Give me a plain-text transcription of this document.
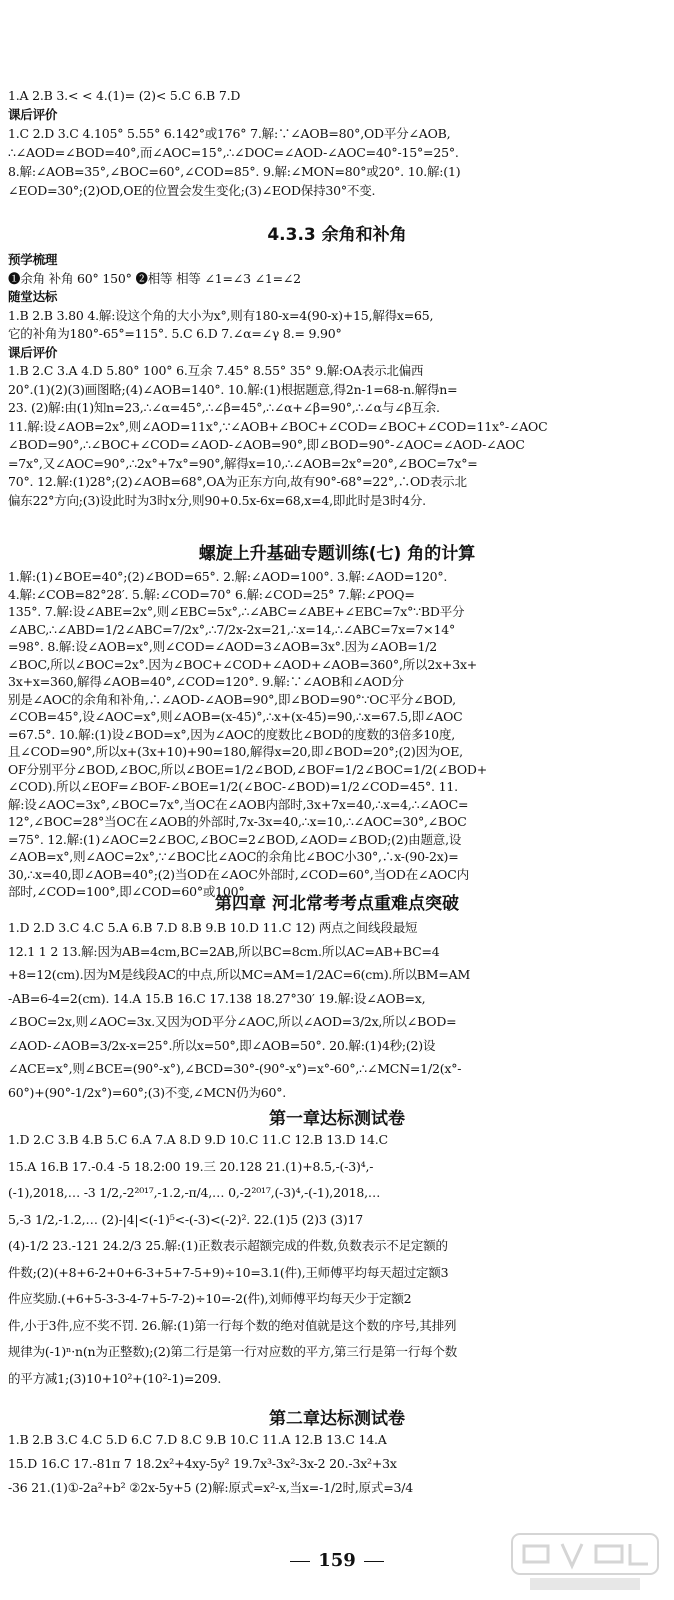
1.A 2.B 3.< < 4.(1)= (2)< 5.C 6.B 7.D
课后评价
1.C 2.D 3.C 4.105° 5.55° 6.142°或176° 7.解:∵∠AOB=80°,OD平分∠AOB,
∴∠AOD=∠BOD=40°,而∠AOC=15°,∴∠DOC=∠AOD-∠AOC=40°-15°=25°.
8.解:∠AOB=35°,∠BOC=60°,∠COD=85°. 9.解:∠MON=80°或20°. 10.解:(1)
∠EOD=30°;(2)OD,OE的位置会发生变化;(3)∠EOD保持30°不变.
4.3.3 余角和补角
预学梳理
❶余角 补角 60° 150° ❷相等 相等 ∠1=∠3 ∠1=∠2
随堂达标
1.B 2.B 3.80 4.解:设这个角的大小为x°,则有180-x=4(90-x)+15,解得x=65,
它的补角为180°-65°=115°. 5.C 6.D 7.∠α=∠γ 8.= 9.90°
课后评价
1.B 2.C 3.A 4.D 5.80° 100° 6.互余 7.45° 8.55° 35° 9.解:OA表示北偏西
20°.(1)(2)(3)画图略;(4)∠AOB=140°. 10.解:(1)根据题意,得2n-1=68-n.解得n=
23. (2)解:由(1)知n=23,∴∠α=45°,∴∠β=45°,∴∠α+∠β=90°,∴∠α与∠β互余.
11.解:设∠AOB=2x°,则∠AOD=11x°,∵∠AOB+∠BOC+∠COD=∠BOC+∠COD=11x°-∠AOC
∠BOD=90°,∴∠BOC+∠COD=∠AOD-∠AOB=90°,即∠BOD=90°-∠AOC=∠AOD-∠AOC
=7x°,又∠AOC=90°,∴2x°+7x°=90°,解得x=10,∴∠AOB=2x°=20°,∠BOC=7x°=
70°. 12.解:(1)28°;(2)∠AOB=68°,OA为正东方向,故有90°-68°=22°,∴OD表示北
偏东22°方向;(3)设此时为3时x分,则90+0.5x-6x=68,x=4,即此时是3时4分.
螺旋上升基础专题训练(七) 角的计算
1.解:(1)∠BOE=40°;(2)∠BOD=65°. 2.解:∠AOD=100°. 3.解:∠AOD=120°.
4.解:∠COB=82°28′. 5.解:∠COD=70° 6.解:∠COD=25° 7.解:∠POQ=
135°. 7.解:设∠ABE=2x°,则∠EBC=5x°,∴∠ABC=∠ABE+∠EBC=7x°∵BD平分
∠ABC,∴∠ABD=1/2∠ABC=7/2x°,∴7/2x-2x=21,∴x=14,∴∠ABC=7x=7×14°
=98°. 8.解:设∠AOB=x°,则∠COD=∠AOD=3∠AOB=3x°.因为∠AOB=1/2
∠BOC,所以∠BOC=2x°.因为∠BOC+∠COD+∠AOD+∠AOB=360°,所以2x+3x+
3x+x=360,解得∠AOB=40°,∠COD=120°. 9.解:∵∠AOB和∠AOD分
别是∠AOC的余角和补角,∴∠AOD-∠AOB=90°,即∠BOD=90°∵OC平分∠BOD,
∠COB=45°,设∠AOC=x°,则∠AOB=(x-45)°,∴x+(x-45)=90,∴x=67.5,即∠AOC
=67.5°. 10.解:(1)设∠BOD=x°,因为∠AOC的度数比∠BOD的度数的3倍多10度,
且∠COD=90°,所以x+(3x+10)+90=180,解得x=20,即∠BOD=20°;(2)因为OE,
OF分别平分∠BOD,∠BOC,所以∠BOE=1/2∠BOD,∠BOF=1/2∠BOC=1/2(∠BOD+
∠COD).所以∠EOF=∠BOF-∠BOE=1/2(∠BOC-∠BOD)=1/2∠COD=45°. 11.
解:设∠AOC=3x°,∠BOC=7x°,当OC在∠AOB内部时,3x+7x=40,∴x=4,∴∠AOC=
12°,∠BOC=28°当OC在∠AOB的外部时,7x-3x=40,∴x=10,∴∠AOC=30°,∠BOC
=75°. 12.解:(1)∠AOC=2∠BOC,∠BOC=2∠BOD,∠AOD=∠BOD;(2)由题意,设
∠AOB=x°,则∠AOC=2x°,∵∠BOC比∠AOC的余角比∠BOC小30°,∴x-(90-2x)=
30,∴x=40,即∠AOB=40°;(2)当OD在∠AOC外部时,∠COD=60°,当OD在∠AOC内
部时,∠COD=100°,即∠COD=60°或100°.
第四章 河北常考考点重难点突破
1.D 2.D 3.C 4.C 5.A 6.B 7.D 8.B 9.B 10.D 11.C 12) 两点之间线段最短
12.1 1 2 13.解:因为AB=4cm,BC=2AB,所以BC=8cm.所以AC=AB+BC=4
+8=12(cm).因为M是线段AC的中点,所以MC=AM=1/2AC=6(cm).所以BM=AM
-AB=6-4=2(cm). 14.A 15.B 16.C 17.138 18.27°30′ 19.解:设∠AOB=x,
∠BOC=2x,则∠AOC=3x.又因为OD平分∠AOC,所以∠AOD=3/2x,所以∠BOD=
∠AOD-∠AOB=3/2x-x=25°.所以x=50°,即∠AOB=50°. 20.解:(1)4秒;(2)设
∠ACE=x°,则∠BCE=(90°-x°),∠BCD=30°-(90°-x°)=x°-60°,∴∠MCN=1/2(x°-
60°)+(90°-1/2x°)=60°;(3)不变,∠MCN仍为60°.
第一章达标测试卷
1.D 2.C 3.B 4.B 5.C 6.A 7.A 8.D 9.D 10.C 11.C 12.B 13.D 14.C
15.A 16.B 17.-0.4 -5 18.2:00 19.三 20.128 21.(1)+8.5,-(-3)⁴,-
(-1),2018,… -3 1/2,-2²⁰¹⁷,-1.2,-π/4,… 0,-2²⁰¹⁷,(-3)⁴,-(-1),2018,…
5,-3 1/2,-1.2,… (2)-|4|<(-1)⁵<-(-3)<(-2)². 22.(1)5 (2)3 (3)17
(4)-1/2 23.-121 24.2/3 25.解:(1)正数表示超额完成的件数,负数表示不足定额的
件数;(2)(+8+6-2+0+6-3+5+7-5+9)÷10=3.1(件),王师傅平均每天超过定额3
件应奖励.(+6+5-3-3-4-7+5-7-2)÷10=-2(件),刘师傅平均每天少于定额2
件,小于3件,应不奖不罚. 26.解:(1)第一行每个数的绝对值就是这个数的序号,其排列
规律为(-1)ⁿ·n(n为正整数);(2)第二行是第一行对应数的平方,第三行是第一行每个数
的平方减1;(3)10+10²+(10²-1)=209.
第二章达标测试卷
1.B 2.B 3.C 4.C 5.D 6.C 7.D 8.C 9.B 10.C 11.A 12.B 13.C 14.A
15.D 16.C 17.-81π 7 18.2x²+4xy-5y² 19.7x³-3x²-3x-2 20.-3x²+3x
-36 21.(1)①-2a²+b² ②2x-5y+5 (2)解:原式=x²-x,当x=-1/2时,原式=3/4
159
